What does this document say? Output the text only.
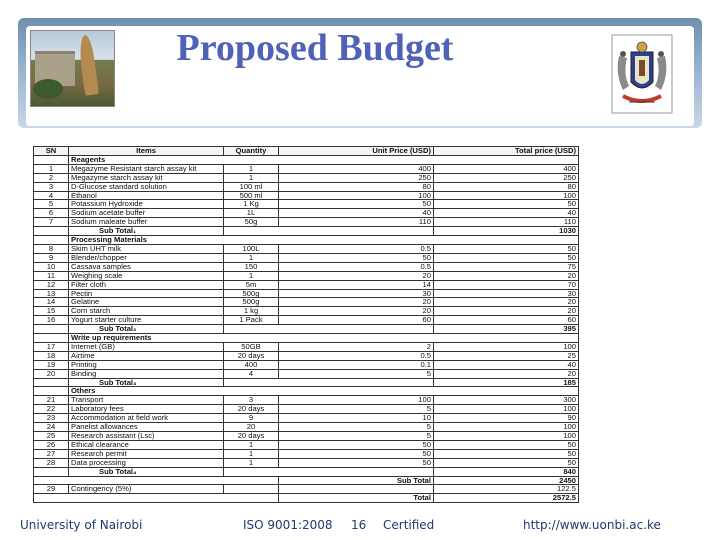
Proposed Budget
SN	Items	Quantity	Unit Price (USD)	Total price (USD)
	Reagents			
1	Megazyme Resistant starch assay kit	1	400	400
2	Megazyme starch assay kit	1	250	250
3	D-Glucose standard solution	100 ml	80	80
4	Ethanol	500 ml	100	100
5	Potassium Hydroxide	1 Kg	50	50
6	Sodium acetate buffer	1L	40	40
7	Sodium maleate buffer	50g	110	110
	Sub Total₁			1030
	Processing Materials			
8	Skim UHT milk	100L	0.5	50
9	Blender/chopper	1	50	50
10	Cassava samples	150	0.5	75
11	Weighing scale	1	20	20
12	Filter cloth	5m	14	70
13	Pectin	500g	30	30
14	Gelatine	500g	20	20
15	Corn starch	1 kg	20	20
16	Yogurt starter culture	1 Pack	60	60
	Sub Total₂			395
	Write up requirements			
17	Internet (GB)	50GB	2	100
18	Airtime	20 days	0.5	25
19	Printing	400	0.1	40
20	Binding	4	5	20
	Sub Total₃			185
	Others			
21	Transport	3	100	300
22	Laboratory fees	20 days	5	100
23	Accommodation at field work	9	10	90
24	Panelist allowances	20	5	100
25	Research assistant (Lsc)	20 days	5	100
26	Ethical clearance	1	50	50
27	Research permit	1	50	50
28	Data processing	1	50	50
	Sub Total₄			840
			Sub Total	2450
29	Contingency (5%)			122.5
			Total	2572.5
University of Nairobi	ISO 9001:2008 16 Certified	http://www.uonbi.ac.ke
